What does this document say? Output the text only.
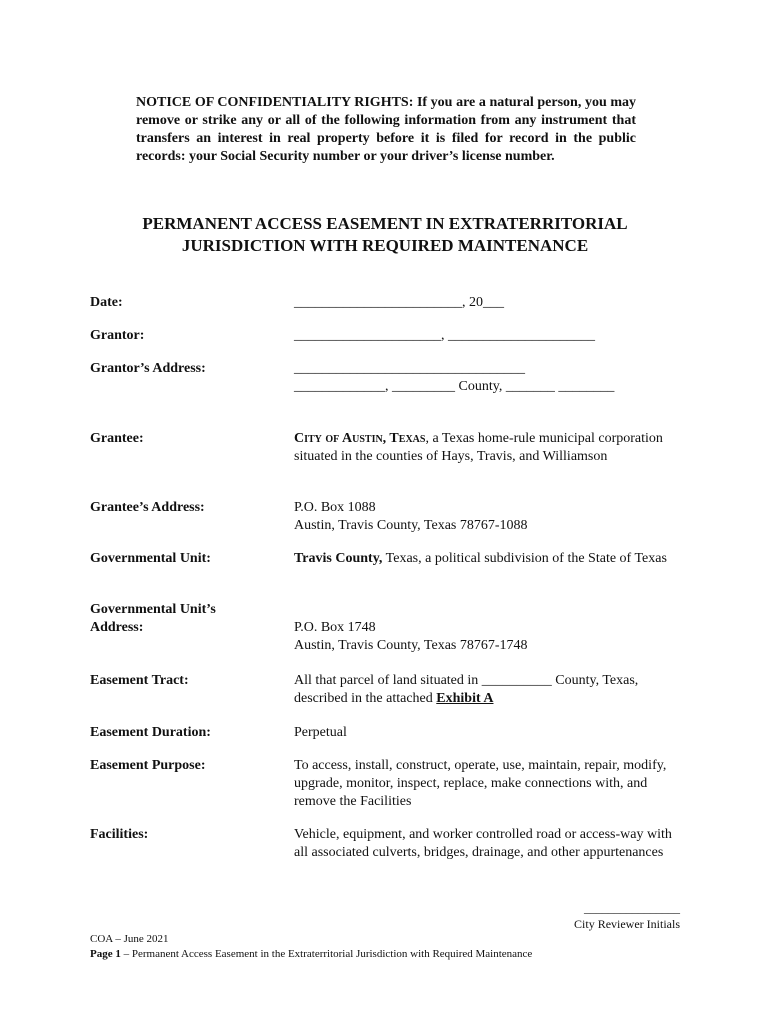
NOTICE OF CONFIDENTIALITY RIGHTS: If you are a natural person, you may remove or strike any or all of the following information from any instrument that transfers an interest in real property before it is filed for record in the public records: your Social Security number or your driver’s license number.
PERMANENT ACCESS EASEMENT IN EXTRATERRITORIAL
JURISDICTION WITH REQUIRED MAINTENANCE
Date:	________________________, 20___
Grantor:	_____________________, _____________________
Grantor’s Address:	_________________________________
_____________, _________ County, _______ ________
Grantee:	City of Austin, Texas, a Texas home-rule municipal corporation situated in the counties of Hays, Travis, and Williamson
Grantee’s Address:	P.O. Box 1088
Austin, Travis County, Texas 78767-1088
Governmental Unit:	Travis County, Texas, a political subdivision of the State of Texas
Governmental Unit’s
Address:	P.O. Box 1748
Austin, Travis County, Texas 78767-1748
Easement Tract:	All that parcel of land situated in __________ County, Texas,
described in the attached Exhibit A
Easement Duration:	Perpetual
Easement Purpose:	To access, install, construct, operate, use, maintain, repair, modify, upgrade, monitor, inspect, replace, make connections with, and remove the Facilities
Facilities:	Vehicle, equipment, and worker controlled road or access-way with all associated culverts, bridges, drainage, and other appurtenances
________________
City Reviewer Initials
COA – June 2021
Page 1 – Permanent Access Easement in the Extraterritorial Jurisdiction with Required Maintenance
